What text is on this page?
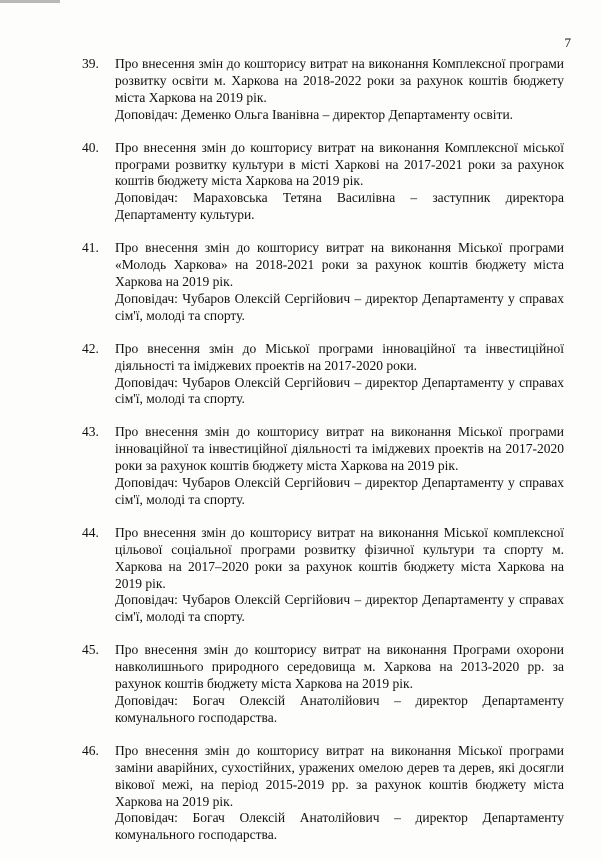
7
39. Про внесення змін до кошторису витрат на виконання Комплексної програми розвитку освіти м. Харкова на 2018-2022 роки за рахунок коштів бюджету міста Харкова на 2019 рік.
Доповідач: Деменко Ольга Іванівна – директор Департаменту освіти.
40. Про внесення змін до кошторису витрат на виконання Комплексної міської програми розвитку культури в місті Харкові на 2017-2021 роки за рахунок коштів бюджету міста Харкова на 2019 рік.
Доповідач: Мараховська Тетяна Василівна – заступник директора Департаменту культури.
41. Про внесення змін до кошторису витрат на виконання Міської програми «Молодь Харкова» на 2018-2021 роки за рахунок коштів бюджету міста Харкова на 2019 рік.
Доповідач: Чубаров Олексій Сергійович – директор Департаменту у справах сім'ї, молоді та спорту.
42. Про внесення змін до Міської програми інноваційної та інвестиційної діяльності та іміджевих проектів на 2017-2020 роки.
Доповідач: Чубаров Олексій Сергійович – директор Департаменту у справах сім'ї, молоді та спорту.
43. Про внесення змін до кошторису витрат на виконання Міської програми інноваційної та інвестиційної діяльності та іміджевих проектів на 2017-2020 роки за рахунок коштів бюджету міста Харкова на 2019 рік.
Доповідач: Чубаров Олексій Сергійович – директор Департаменту у справах сім'ї, молоді та спорту.
44. Про внесення змін до кошторису витрат на виконання Міської комплексної цільової соціальної програми розвитку фізичної культури та спорту м. Харкова на 2017–2020 роки за рахунок коштів бюджету міста Харкова на 2019 рік.
Доповідач: Чубаров Олексій Сергійович – директор Департаменту у справах сім'ї, молоді та спорту.
45. Про внесення змін до кошторису витрат на виконання Програми охорони навколишнього природного середовища м. Харкова на 2013-2020 рр. за рахунок коштів бюджету міста Харкова на 2019 рік.
Доповідач: Богач Олексій Анатолійович – директор Департаменту комунального господарства.
46. Про внесення змін до кошторису витрат на виконання Міської програми заміни аварійних, сухостійних, уражених омелою дерев та дерев, які досягли вікової межі, на період 2015-2019 рр. за рахунок коштів бюджету міста Харкова на 2019 рік.
Доповідач: Богач Олексій Анатолійович – директор Департаменту комунального господарства.
